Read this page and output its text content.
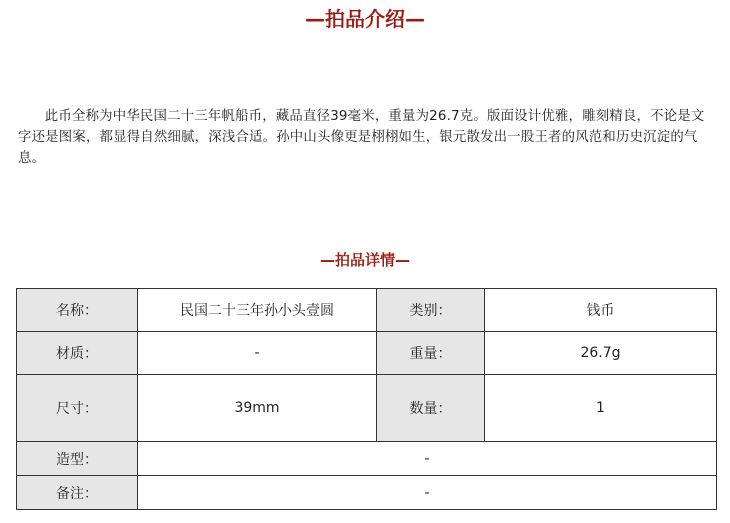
—拍品介绍—

此币全称为中华民国二十三年帆船币，藏品直径39毫米，重量为26.7克。版面设计优雅，雕刻精良，不论是文字还是图案，都显得自然细腻，深浅合适。孙中山头像更是栩栩如生，银元散发出一股王者的风范和历史沉淀的气息。

—拍品详情—
名称：	民国二十三年孙小头壹圆	类别：	钱币
材质：	-	重量：	26.7g
尺寸：	39mm	数量：	1
造型：	-		
备注：	-		
